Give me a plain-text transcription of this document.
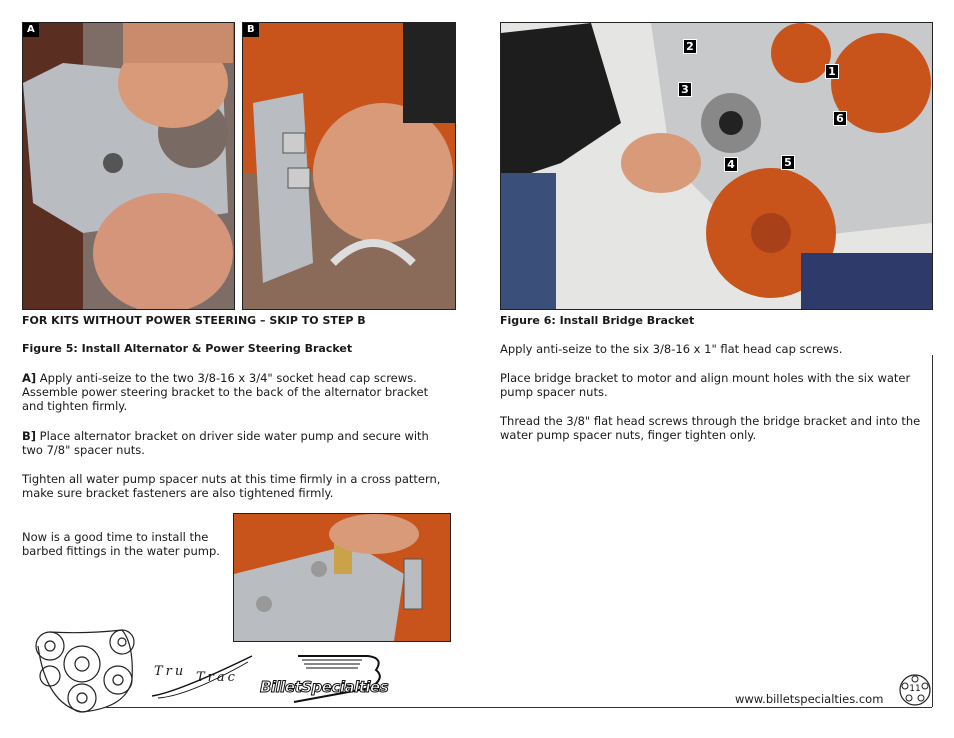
A	B
2
1
3
6
4	5
FOR KITS WITHOUT POWER STEERING – SKIP TO STEP B
Figure 5: Install Alternator & Power Steering Bracket
A] Apply anti-seize to the two 3/8-16 x 3/4" socket head cap screws. Assemble power steering bracket to the back of the alternator bracket and tighten firmly.
B] Place alternator bracket on driver side water pump and secure with two 7/8" spacer nuts.
Tighten all water pump spacer nuts at this time firmly in a cross pattern, make sure bracket fasteners are also tightened firmly.
Now is a good time to install the barbed fittings in the water pump.
Figure 6: Install Bridge Bracket
Apply anti-seize to the six 3/8-16 x 1" flat head cap screws.
Place bridge bracket to motor and align mount holes with the six water pump spacer nuts.
Thread the 3/8" flat head screws through the bridge bracket and into the water pump spacer nuts, finger tighten only.
Tru Trac
BilletSpecialties
www.billetspecialties.com
11
